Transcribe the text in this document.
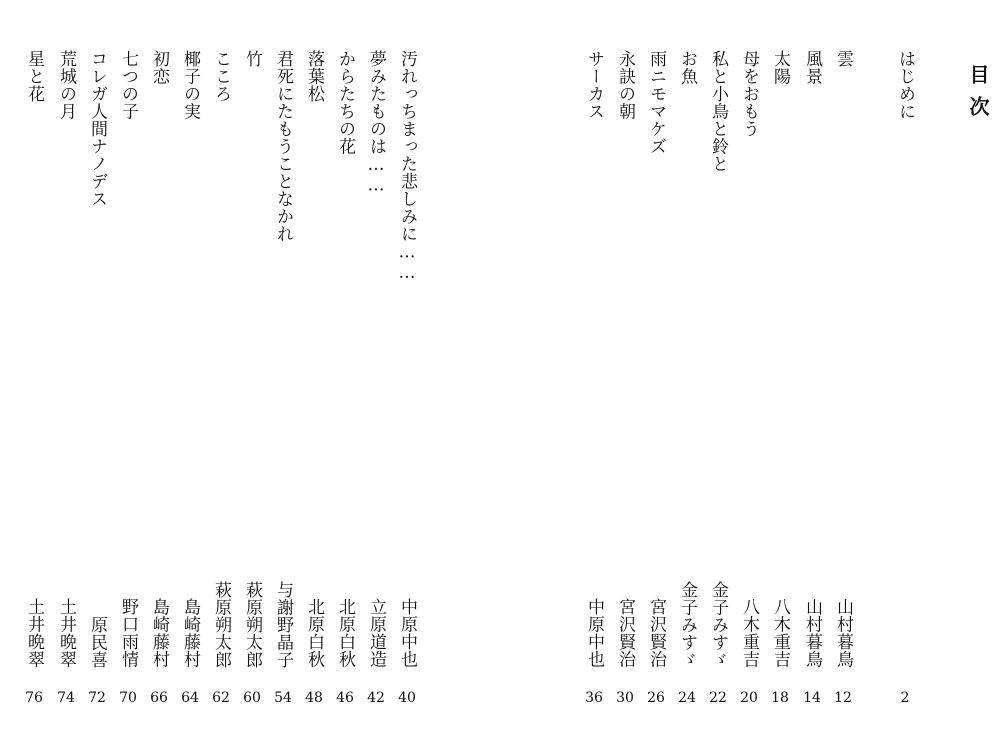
目次
はじめに
2
雲
山村暮鳥
12
風景
山村暮鳥
14
太陽
八木重吉
18
母をおもう
八木重吉
20
私と小鳥と鈴と
金子みすゞ
22
お魚
金子みすゞ
24
雨ニモマケズ
宮沢賢治
26
永訣の朝
宮沢賢治
30
サーカス
中原中也
36
汚れっちまった悲しみに……
中原中也
40
夢みたものは……
立原道造
42
からたちの花
北原白秋
46
落葉松
北原白秋
48
君死にたもうことなかれ
与謝野晶子
54
竹
萩原朔太郎
60
こころ
萩原朔太郎
62
椰子の実
島崎藤村
64
初恋
島崎藤村
66
七つの子
野口雨情
70
コレガ人間ナノデス
原民喜
72
荒城の月
土井晩翠
74
星と花
土井晩翠
76
